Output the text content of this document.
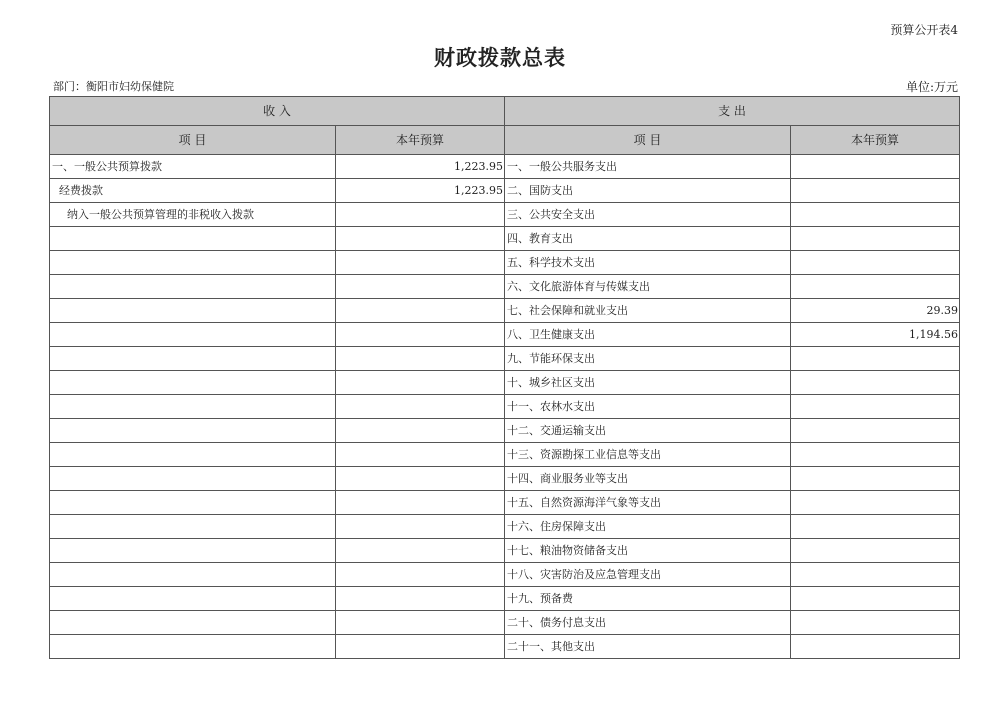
预算公开表4
财政拨款总表
部门：衡阳市妇幼保健院	单位:万元
收 入		支 出	
项 目	本年预算	项 目	本年预算
一、一般公共预算拨款	1,223.95	一、一般公共服务支出	
经费拨款	1,223.95	二、国防支出	
纳入一般公共预算管理的非税收入拨款		三、公共安全支出	
		四、教育支出	
		五、科学技术支出	
		六、文化旅游体育与传媒支出	
		七、社会保障和就业支出	29.39
		八、卫生健康支出	1,194.56
		九、节能环保支出	
		十、城乡社区支出	
		十一、农林水支出	
		十二、交通运输支出	
		十三、资源勘探工业信息等支出	
		十四、商业服务业等支出	
		十五、自然资源海洋气象等支出	
		十六、住房保障支出	
		十七、粮油物资储备支出	
		十八、灾害防治及应急管理支出	
		十九、预备费	
		二十、债务付息支出	
		二十一、其他支出	
